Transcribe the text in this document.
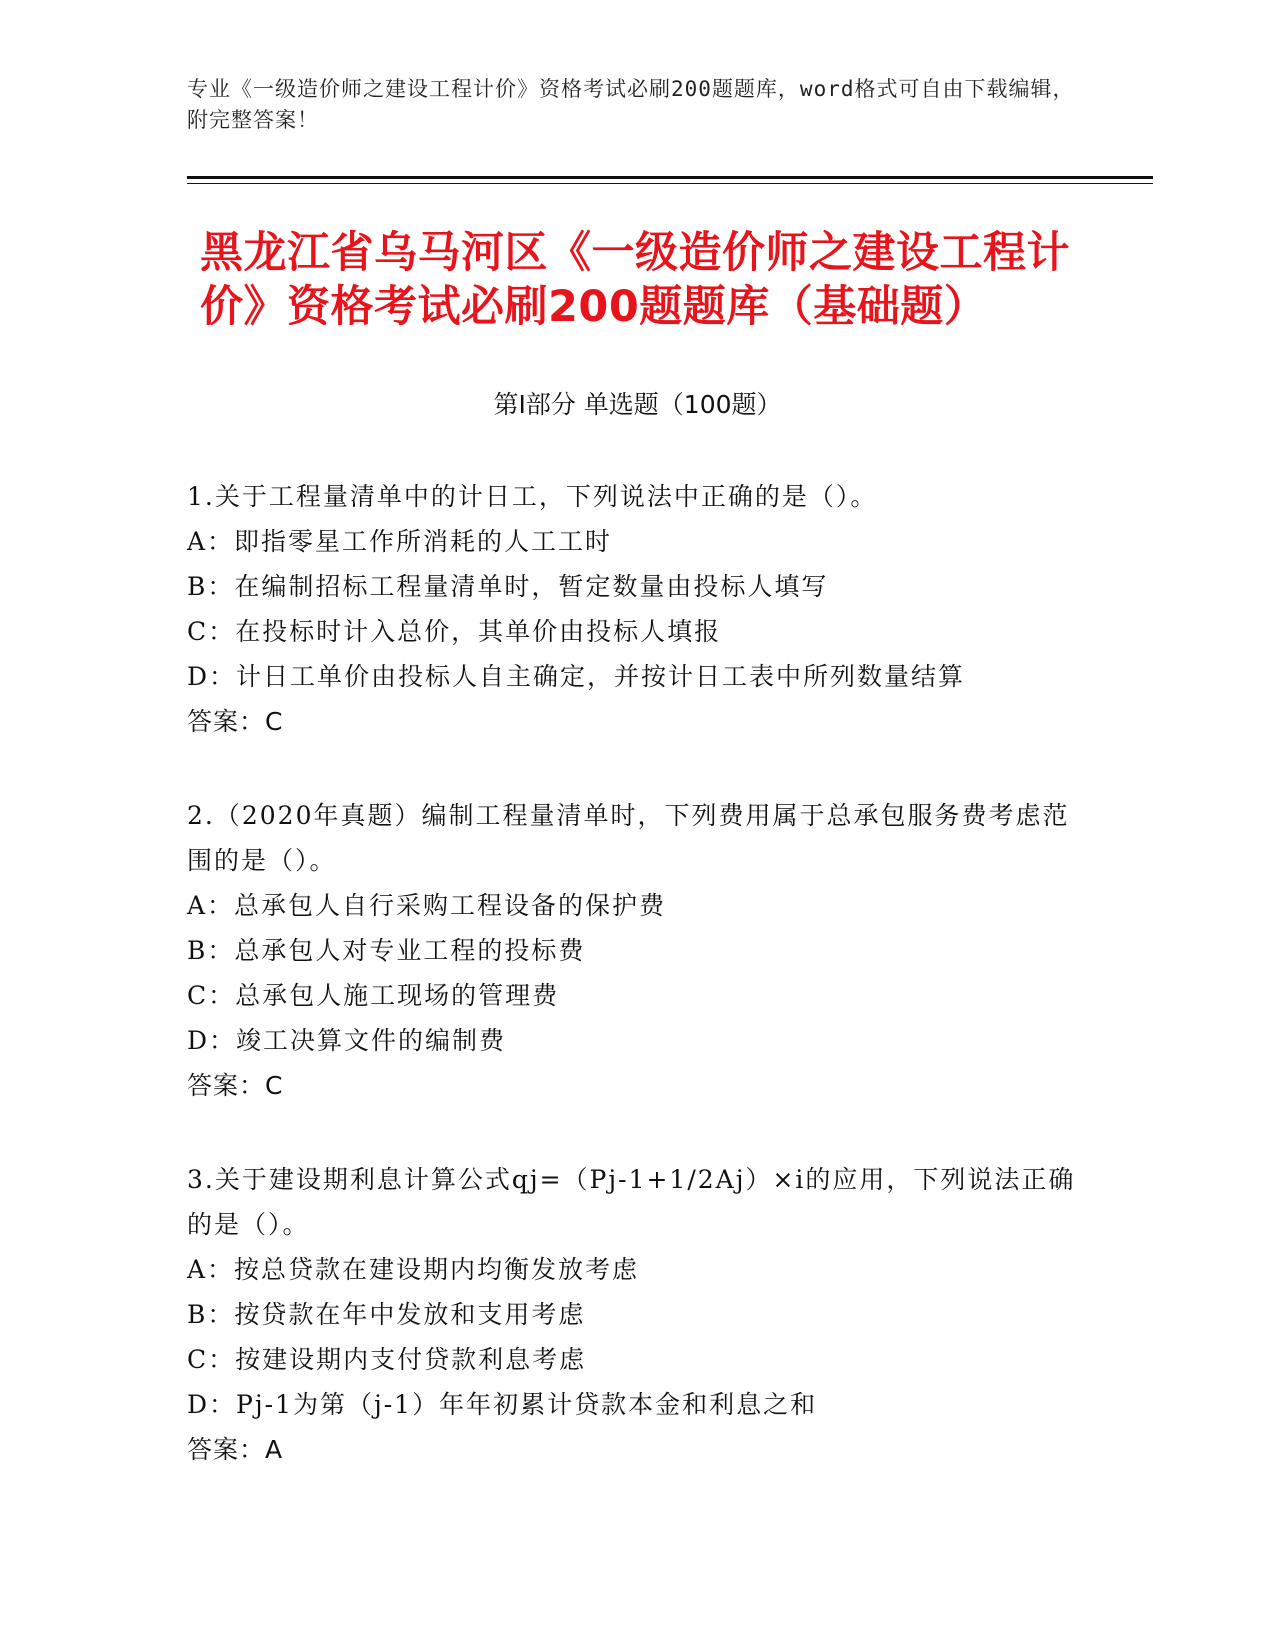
专业《一级造价师之建设工程计价》资格考试必刷200题题库，word格式可自由下载编辑，附完整答案！
黑龙江省乌马河区《一级造价师之建设工程计价》资格考试必刷200题题库（基础题）
第Ⅰ部分 单选题（100题）
1.关于工程量清单中的计日工，下列说法中正确的是（）。
A：即指零星工作所消耗的人工工时
B：在编制招标工程量清单时，暂定数量由投标人填写
C：在投标时计入总价，其单价由投标人填报
D：计日工单价由投标人自主确定，并按计日工表中所列数量结算
答案：C
2.（2020年真题）编制工程量清单时，下列费用属于总承包服务费考虑范围的是（）。
A：总承包人自行采购工程设备的保护费
B：总承包人对专业工程的投标费
C：总承包人施工现场的管理费
D：竣工决算文件的编制费
答案：C
3.关于建设期利息计算公式qj=（Pj-1+1/2Aj）×i的应用，下列说法正确的是（）。
A：按总贷款在建设期内均衡发放考虑
B：按贷款在年中发放和支用考虑
C：按建设期内支付贷款利息考虑
D：Pj-1为第（j-1）年年初累计贷款本金和利息之和
答案：A
